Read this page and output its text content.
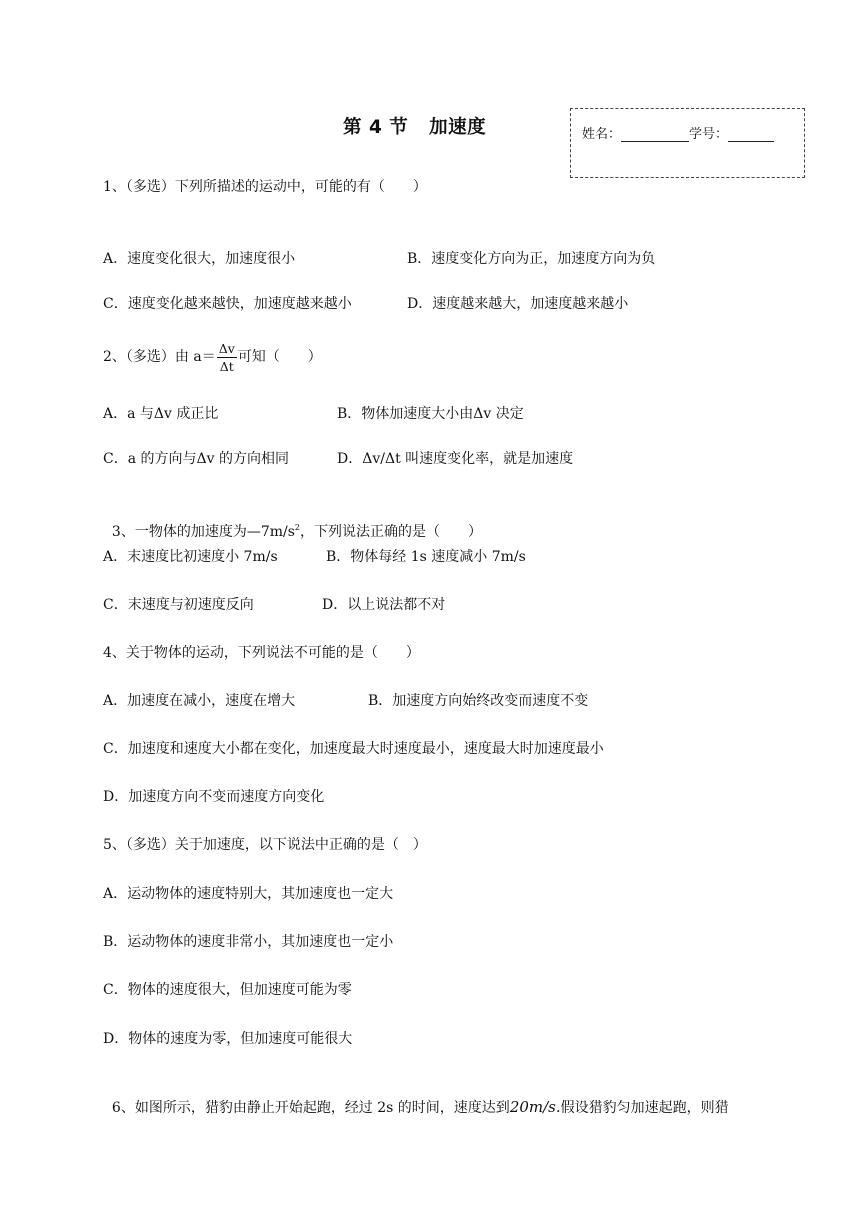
第 4 节   加速度	姓名：	学号：
1、（多选）下列所描述的运动中，可能的有（　　）
A．速度变化很大，加速度很小	B．速度变化方向为正，加速度方向为负
C．速度变化越来越快，加速度越来越小	D．速度越来越大，加速度越来越小
2、（多选）由 $a= \frac{\Delta v}{\Delta t}$ 可知（　　）
A．a 与Δv 成正比	B．物体加速度大小由Δv 决定
C．a 的方向与Δv 的方向相同	D．Δv/Δt 叫速度变化率，就是加速度

3、一物体的加速度为$—7m/s^2$，下列说法正确的是（　　）

A．末速度比初速度小 7m/s	B．物体每经 1s 速度减小 7m/s
C．末速度与初速度反向	D．以上说法都不对
4、关于物体的运动，下列说法不可能的是（　　）
A．加速度在减小，速度在增大	B．加速度方向始终改变而速度不变
C．加速度和速度大小都在变化，加速度最大时速度最小，速度最大时加速度最小
D．加速度方向不变而速度方向变化
5、（多选）关于加速度，以下说法中正确的是（　）
A．运动物体的速度特别大，其加速度也一定大
B．运动物体的速度非常小，其加速度也一定小
C．物体的速度很大，但加速度可能为零
D．物体的速度为零，但加速度可能很大

6、如图所示，猎豹由静止开始起跑，经过 2s 的时间，速度达到20m/s.假设猎豹匀加速起跑，则猎
